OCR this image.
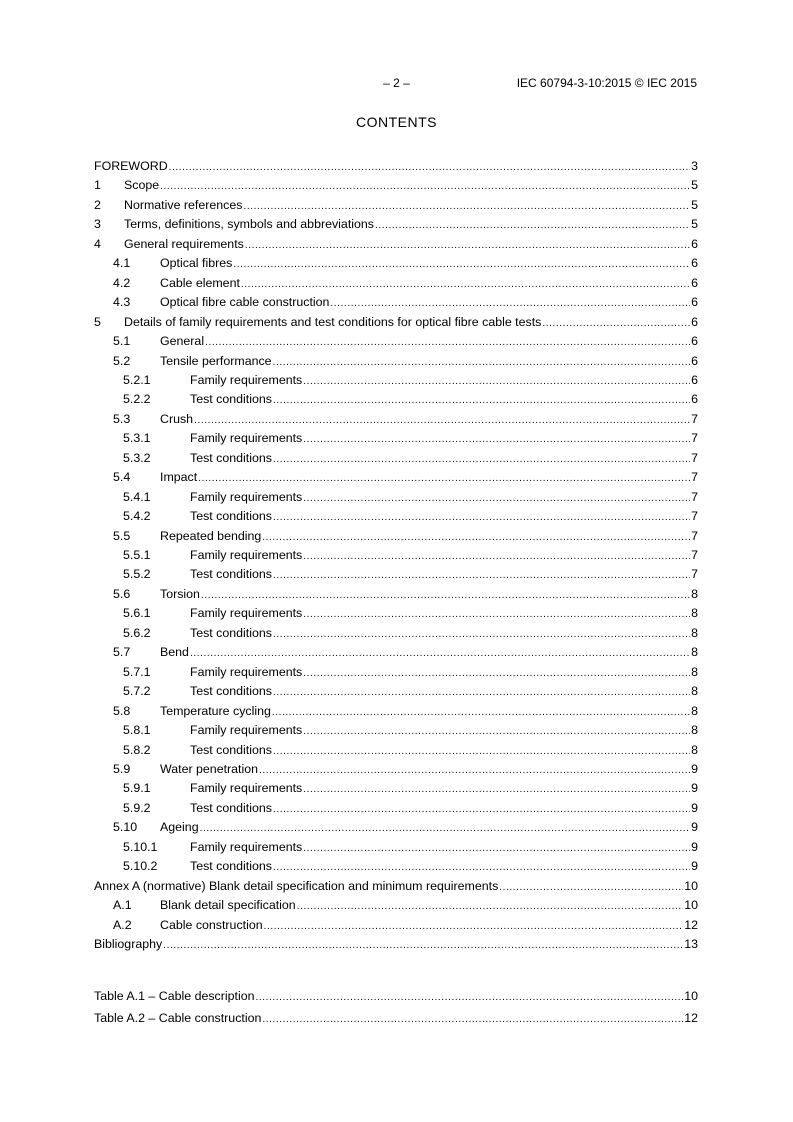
– 2 –	IEC 60794-3-10:2015 © IEC 2015
CONTENTS
FOREWORD .....	3
1	Scope .....	5
2	Normative references .....	5
3	Terms, definitions, symbols and abbreviations .....	5
4	General requirements .....	6
4.1	Optical fibres .....	6
4.2	Cable element .....	6
4.3	Optical fibre cable construction .....	6
5	Details of family requirements and test conditions for optical fibre cable tests .....	6
5.1	General .....	6
5.2	Tensile performance .....	6
5.2.1	Family requirements .....	6
5.2.2	Test conditions .....	6
5.3	Crush .....	7
5.3.1	Family requirements .....	7
5.3.2	Test conditions .....	7
5.4	Impact .....	7
5.4.1	Family requirements .....	7
5.4.2	Test conditions .....	7
5.5	Repeated bending .....	7
5.5.1	Family requirements .....	7
5.5.2	Test conditions .....	7
5.6	Torsion .....	8
5.6.1	Family requirements .....	8
5.6.2	Test conditions .....	8
5.7	Bend .....	8
5.7.1	Family requirements .....	8
5.7.2	Test conditions .....	8
5.8	Temperature cycling .....	8
5.8.1	Family requirements .....	8
5.8.2	Test conditions .....	8
5.9	Water penetration .....	9
5.9.1	Family requirements .....	9
5.9.2	Test conditions .....	9
5.10	Ageing .....	9
5.10.1	Family requirements .....	9
5.10.2	Test conditions .....	9
Annex A (normative) Blank detail specification and minimum requirements .....	10
A.1	Blank detail specification .....	10
A.2	Cable construction .....	12
Bibliography .....	13
Table A.1 – Cable description .....	10
Table A.2 – Cable construction .....	12
